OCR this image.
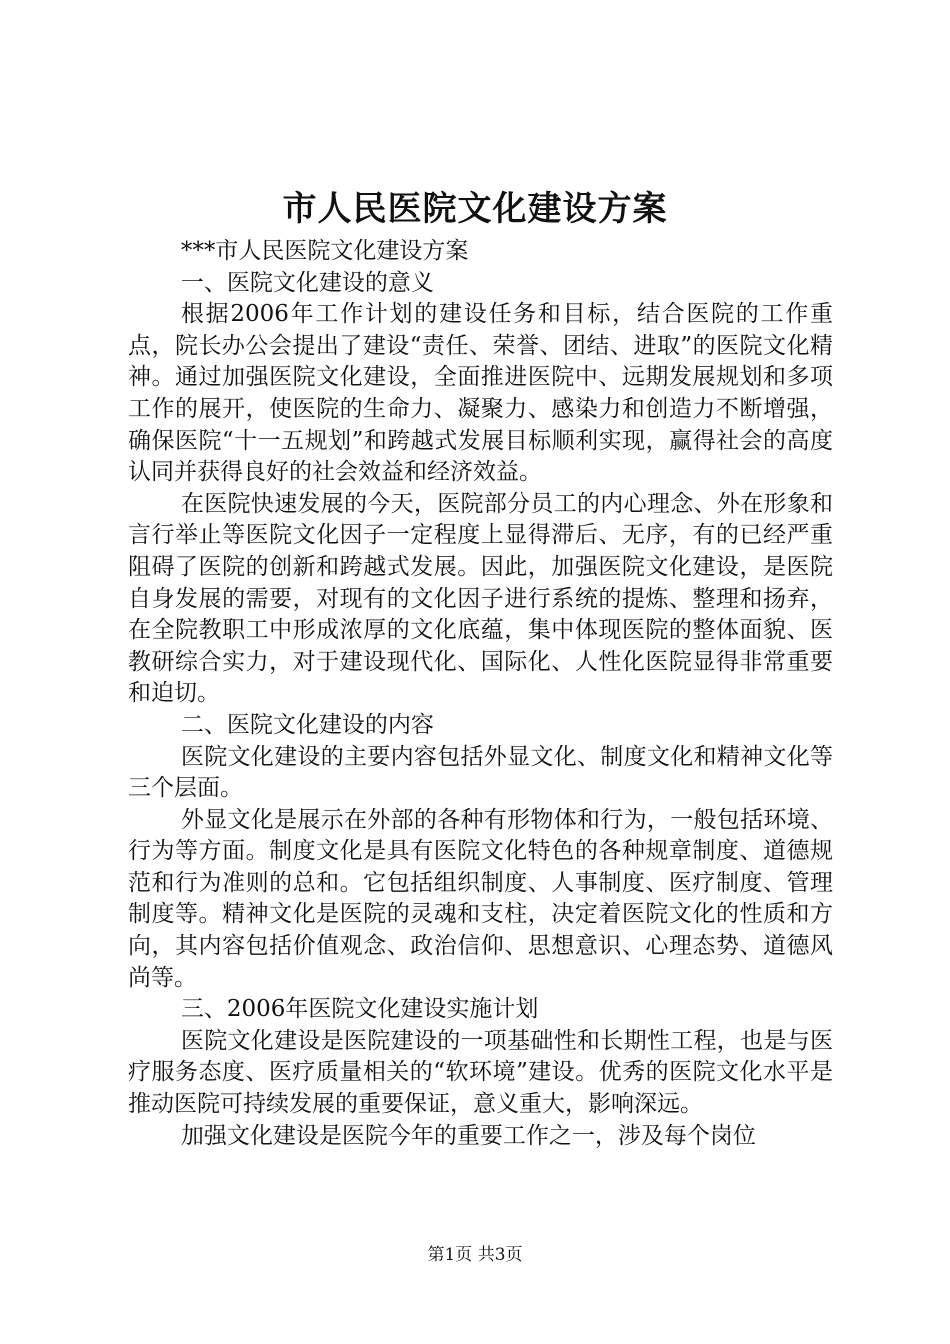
市人民医院文化建设方案

***市人民医院文化建设方案

一、医院文化建设的意义

根据2006年工作计划的建设任务和目标，结合医院的工作重点，院长办公会提出了建设“责任、荣誉、团结、进取”的医院文化精神。通过加强医院文化建设，全面推进医院中、远期发展规划和多项工作的展开，使医院的生命力、凝聚力、感染力和创造力不断增强，确保医院“十一五规划”和跨越式发展目标顺利实现，赢得社会的高度认同并获得良好的社会效益和经济效益。

在医院快速发展的今天，医院部分员工的内心理念、外在形象和言行举止等医院文化因子一定程度上显得滞后、无序，有的已经严重阻碍了医院的创新和跨越式发展。因此，加强医院文化建设，是医院自身发展的需要，对现有的文化因子进行系统的提炼、整理和扬弃，在全院教职工中形成浓厚的文化底蕴，集中体现医院的整体面貌、医教研综合实力，对于建设现代化、国际化、人性化医院显得非常重要和迫切。

二、医院文化建设的内容

医院文化建设的主要内容包括外显文化、制度文化和精神文化等三个层面。

外显文化是展示在外部的各种有形物体和行为，一般包括环境、行为等方面。制度文化是具有医院文化特色的各种规章制度、道德规范和行为准则的总和。它包括组织制度、人事制度、医疗制度、管理制度等。精神文化是医院的灵魂和支柱，决定着医院文化的性质和方向，其内容包括价值观念、政治信仰、思想意识、心理态势、道德风尚等。

三、2006年医院文化建设实施计划

医院文化建设是医院建设的一项基础性和长期性工程，也是与医疗服务态度、医疗质量相关的“软环境”建设。优秀的医院文化水平是推动医院可持续发展的重要保证，意义重大，影响深远。

加强文化建设是医院今年的重要工作之一，涉及每个岗位

第1页 共3页
